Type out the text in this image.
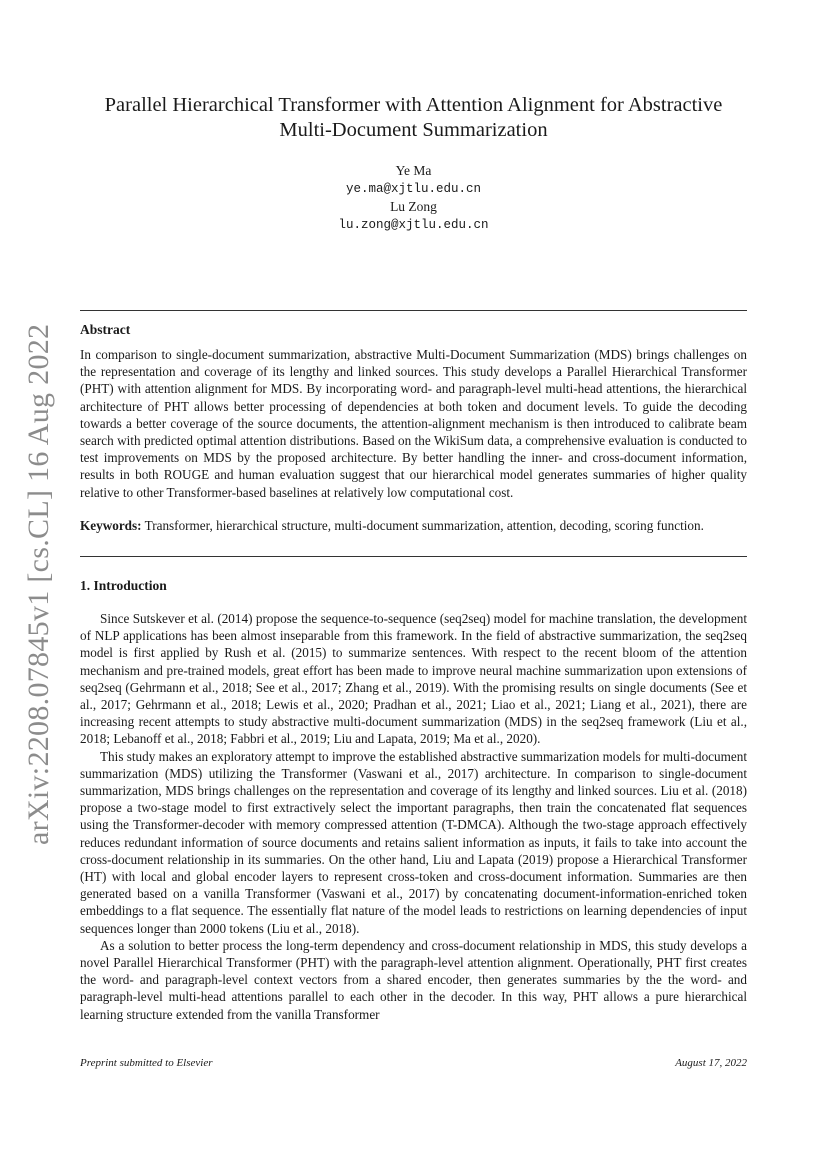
arXiv:2208.07845v1 [cs.CL] 16 Aug 2022
Parallel Hierarchical Transformer with Attention Alignment for Abstractive Multi-Document Summarization
Ye Ma
ye.ma@xjtlu.edu.cn
Lu Zong
lu.zong@xjtlu.edu.cn
Abstract
In comparison to single-document summarization, abstractive Multi-Document Summarization (MDS) brings challenges on the representation and coverage of its lengthy and linked sources. This study develops a Parallel Hierarchical Transformer (PHT) with attention alignment for MDS. By incorporating word- and paragraph-level multi-head attentions, the hierarchical architecture of PHT allows better processing of dependencies at both token and document levels. To guide the decoding towards a better coverage of the source documents, the attention-alignment mechanism is then introduced to calibrate beam search with predicted optimal attention distributions. Based on the WikiSum data, a comprehensive evaluation is conducted to test improvements on MDS by the proposed architecture. By better handling the inner- and cross-document information, results in both ROUGE and human evaluation suggest that our hierarchical model generates summaries of higher quality relative to other Transformer-based baselines at relatively low computational cost.
Keywords: Transformer, hierarchical structure, multi-document summarization, attention, decoding, scoring function.
1. Introduction

Since Sutskever et al. (2014) propose the sequence-to-sequence (seq2seq) model for machine translation, the development of NLP applications has been almost inseparable from this framework. In the field of abstractive summarization, the seq2seq model is first applied by Rush et al. (2015) to summarize sentences. With respect to the recent bloom of the attention mechanism and pre-trained models, great effort has been made to improve neural machine summarization upon extensions of seq2seq (Gehrmann et al., 2018; See et al., 2017; Zhang et al., 2019). With the promising results on single documents (See et al., 2017; Gehrmann et al., 2018; Lewis et al., 2020; Pradhan et al., 2021; Liao et al., 2021; Liang et al., 2021), there are increasing recent attempts to study abstractive multi-document summarization (MDS) in the seq2seq framework (Liu et al., 2018; Lebanoff et al., 2018; Fabbri et al., 2019; Liu and Lapata, 2019; Ma et al., 2020).

This study makes an exploratory attempt to improve the established abstractive summarization models for multi-document summarization (MDS) utilizing the Transformer (Vaswani et al., 2017) architecture. In comparison to single-document summarization, MDS brings challenges on the representation and coverage of its lengthy and linked sources. Liu et al. (2018) propose a two-stage model to first extractively select the important paragraphs, then train the concatenated flat sequences using the Transformer-decoder with memory compressed attention (T-DMCA). Although the two-stage approach effectively reduces redundant information of source documents and retains salient information as inputs, it fails to take into account the cross-document relationship in its summaries. On the other hand, Liu and Lapata (2019) propose a Hierarchical Transformer (HT) with local and global encoder layers to represent cross-token and cross-document information. Summaries are then generated based on a vanilla Transformer (Vaswani et al., 2017) by concatenating document-information-enriched token embeddings to a flat sequence. The essentially flat nature of the model leads to restrictions on learning dependencies of input sequences longer than 2000 tokens (Liu et al., 2018).

As a solution to better process the long-term dependency and cross-document relationship in MDS, this study develops a novel Parallel Hierarchical Transformer (PHT) with the paragraph-level attention alignment. Operationally, PHT first creates the word- and paragraph-level context vectors from a shared encoder, then generates summaries by the the word- and paragraph-level multi-head attentions parallel to each other in the decoder. In this way, PHT allows a pure hierarchical learning structure extended from the vanilla Transformer

Preprint submitted to Elsevier	August 17, 2022
